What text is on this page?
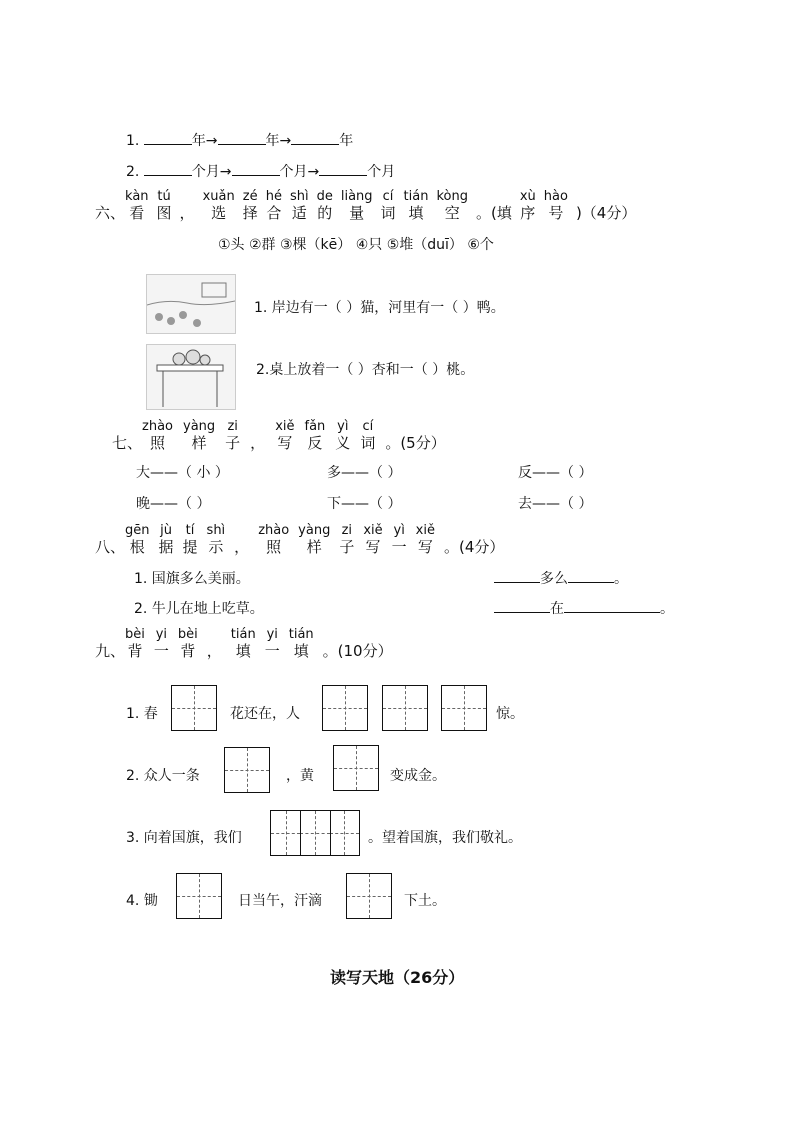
1.	年→	年→	年
2.	个月→	个月→	个月
六、
kàn
看
tú
图 ，
xuǎn
选
zé
择
hé
合
shì
适
de
的
liàng
量
cí
词
tián
填
kòng
空 。(填
xù
序
hào
号 )（4分）
①头 ②群 ③棵（kē） ④只 ⑤堆（duī） ⑥个
1. 岸边有一（ ）猫，河里有一（ ）鸭。
2.桌上放着一（ ）杏和一（ ）桃。
七、
zhào
照
yàng
样
zi
子 ，
xiě
写
fǎn
反
yì
义
cí
词 。(5分）
大——（ 小 ）	多——（ ）	反——（ ）
晚——（ ）	下——（ ）	去——（ ）
八、
gēn
根
jù
据
tí
提
shì
示 ，
zhào
照
yàng
样
zi
子
xiě
写
yì
一
xiě
写 。(4分）
1. 国旗多么美丽。	多么	。
2. 牛儿在地上吃草。	在	。
九、
bèi
背
yi
一
bèi
背 ，
tián
填
yi
一
tián
填 。(10分）
1. 春	花还在，人	惊。
2. 众人一条	，黄	变成金。
3. 向着国旗，我们	。望着国旗，我们敬礼。
4. 锄	日当午，汗滴	下土。
读写天地（26分）
